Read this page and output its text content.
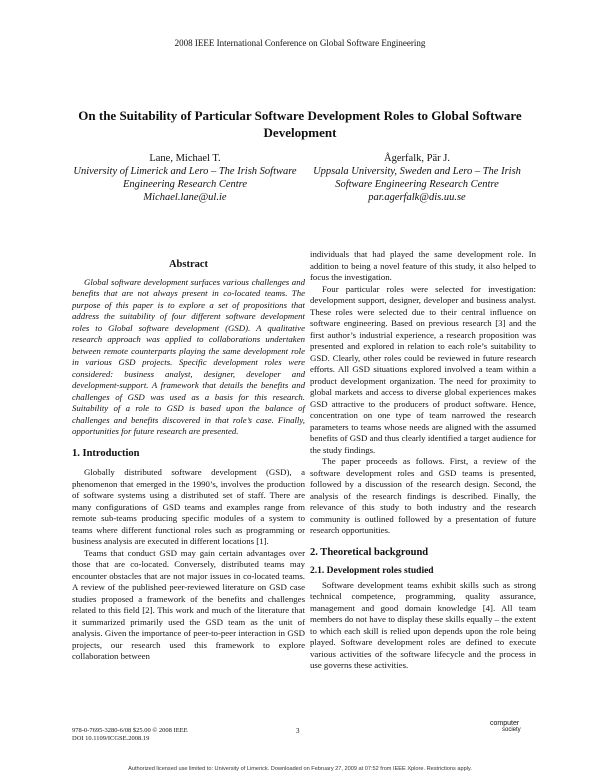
2008 IEEE International Conference on Global Software Engineering
On the Suitability of Particular Software Development Roles to Global Software Development
Lane, Michael T.
University of Limerick and Lero – The Irish Software Engineering Research Centre
Michael.lane@ul.ie
Ågerfalk, Pär J.
Uppsala University, Sweden and Lero – The Irish Software Engineering Research Centre
par.agerfalk@dis.uu.se
Abstract

Global software development surfaces various challenges and benefits that are not always present in co-located teams. The purpose of this paper is to explore a set of propositions that address the suitability of four different software development roles to Global software development (GSD). A qualitative research approach was applied to collaborations undertaken between remote counterparts playing the same development role in various GSD projects. Specific development roles were considered: business analyst, designer, developer and development-support. A framework that details the benefits and challenges of GSD was used as a basis for this research. Suitability of a role to GSD is based upon the balance of challenges and benefits discovered in that role’s case. Finally, opportunities for future research are presented.

1. Introduction

Globally distributed software development (GSD), a phenomenon that emerged in the 1990’s, involves the production of software systems using a distributed set of staff. There are many configurations of GSD teams and examples range from remote sub-teams producing specific modules of a system to teams where different functional roles such as programming or business analysis are executed in different locations [1].

Teams that conduct GSD may gain certain advantages over those that are co-located. Conversely, distributed teams may encounter obstacles that are not major issues in co-located teams. A review of the published peer-reviewed literature on GSD case studies proposed a framework of the benefits and challenges related to this field [2]. This work and much of the literature that it summarized primarily used the GSD team as the unit of analysis. Given the importance of peer-to-peer interaction in GSD projects, our research used this framework to explore collaboration between

individuals that had played the same development role. In addition to being a novel feature of this study, it also helped to focus the investigation.

Four particular roles were selected for investigation: development support, designer, developer and business analyst. These roles were selected due to their central influence on software engineering. Based on previous research [3] and the first author’s industrial experience, a research proposition was presented and explored in relation to each role’s suitability to GSD. Clearly, other roles could be reviewed in future research efforts. All GSD situations explored involved a team within a product development organization. The need for proximity to global markets and access to diverse global experiences makes GSD attractive to the producers of product software. Hence, concentration on one type of team narrowed the research parameters to teams whose needs are aligned with the assumed benefits of GSD and thus clearly identified a target audience for the study findings.

The paper proceeds as follows. First, a review of the software development roles and GSD teams is presented, followed by a discussion of the research design. Second, the analysis of the research findings is described. Finally, the relevance of this study to both industry and the research community is outlined followed by a presentation of future research opportunities.

2. Theoretical background
2.1. Development roles studied

Software development teams exhibit skills such as strong technical competence, programming, quality assurance, management and good domain knowledge [4]. All team members do not have to display these skills equally – the extent to which each skill is relied upon depends upon the role being played. Software development roles are defined to execute various activities of the software lifecycle and the process in use governs these activities.

978-0-7695-3280-6/08 $25.00 © 2008 IEEE
DOI 10.1109/ICGSE.2008.19
3
computer
society
Authorized licensed use limited to: University of Limerick. Downloaded on February 27, 2009 at 07:52 from IEEE Xplore. Restrictions apply.
